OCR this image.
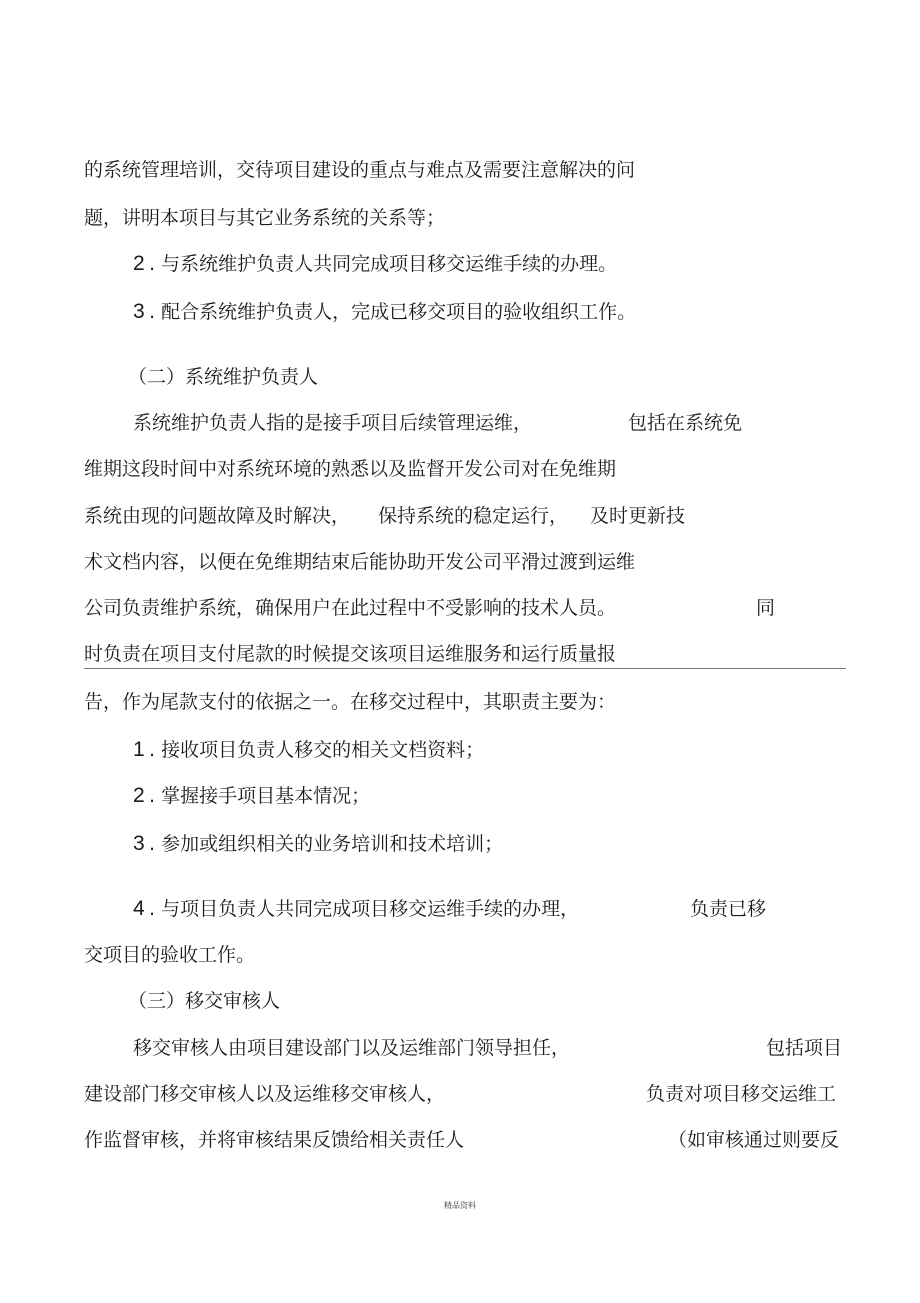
的系统管理培训，交待项目建设的重点与难点及需要注意解决的问
题，讲明本项目与其它业务系统的关系等；
2 . 与系统维护负责人共同完成项目移交运维手续的办理。
3 . 配合系统维护负责人，完成已移交项目的验收组织工作。
（二）系统维护负责人
系统维护负责人指的是接手项目后续管理运维，	包括在系统免
维期这段时间中对系统环境的熟悉以及监督开发公司对在免维期
系统由现的问题故障及时解决， 保持系统的稳定运行， 及时更新技
术文档内容，以便在免维期结束后能协助开发公司平滑过渡到运维
公司负责维护系统，确保用户在此过程中不受影响的技术人员。	同
时负责在项目支付尾款的时候提交该项目运维服务和运行质量报
告，作为尾款支付的依据之一。在移交过程中，其职责主要为：
1 . 接收项目负责人移交的相关文档资料；
2 . 掌握接手项目基本情况；
3 . 参加或组织相关的业务培训和技术培训；
4 . 与项目负责人共同完成项目移交运维手续的办理，	负责已移
交项目的验收工作。
（三）移交审核人
移交审核人由项目建设部门以及运维部门领导担任，	包括项目
建设部门移交审核人以及运维移交审核人，	负责对项目移交运维工
作监督审核，并将审核结果反馈给相关责任人	（如审核通过则要反
精品资料
